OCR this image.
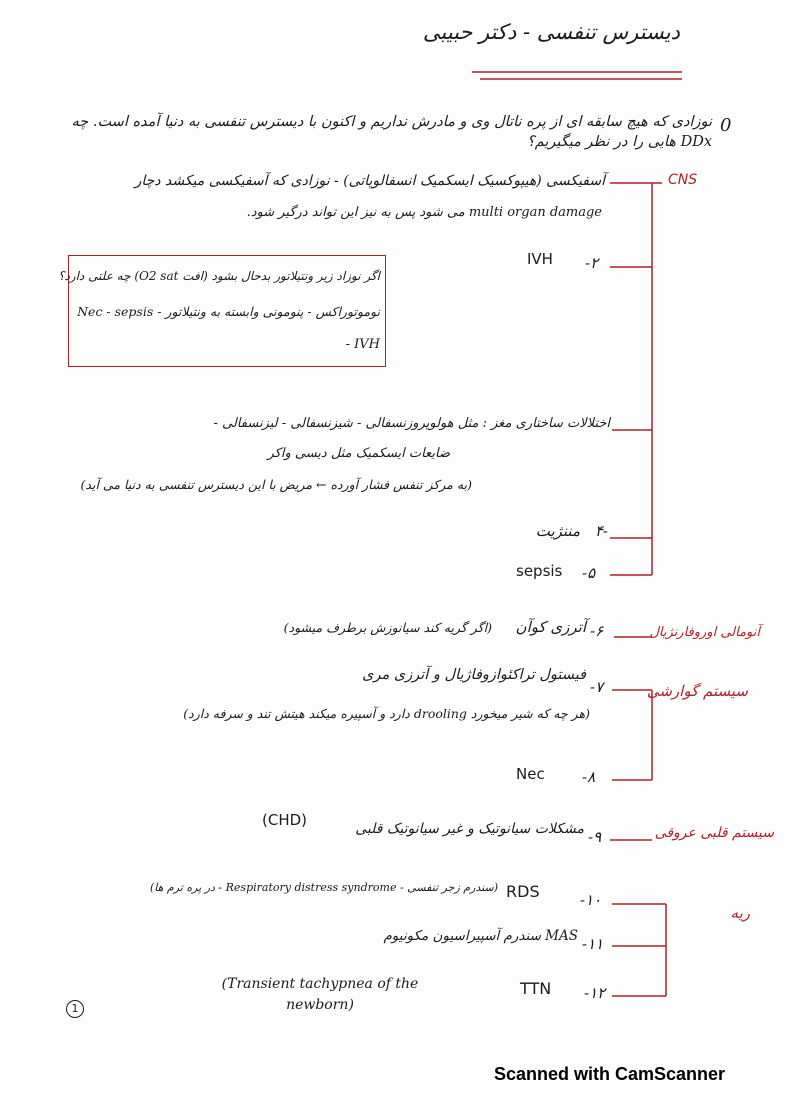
دیسترس تنفسی - دکتر حبیبی
0
نوزادی که هیچ سابقه ای از پره ناتال وی و مادرش نداریم و اکنون با دیسترس تنفسی به دنیا آمده است. چه DDx هایی را در نظر میگیریم؟
آسفیکسی (هیپوکسیک ایسکمیک انسفالوپاتی) - نوزادی که آسفیکسی میکشد دچار
multi organ damage می شود پس به نیز این تواند درگیر شود.
-۲
IVH
اگر نوزاد زیر ونتیلاتور بدحال بشود (افت O2 sat) چه علتی دارد؟
نوموتوراکس - پنومونی وابسته به ونتیلاتور - Nec - sepsis
IVH -
اختلالات ساختاری مغز : مثل هولوپروزنسفالی - شیزنسفالی - لیزنسفالی -
ضایعات ایسکمیک مثل دیسی واکر
(به مرکز تنفس فشار آورده ← مریض با این دیسترس تنفسی به دنیا می آید)
-۴
مننژیت
-۵
sepsis
-۶
آترزی کوآن
(اگر گریه کند سیانوزش برطرف میشود)
-۷
فیستول تراکئوازوفاژیال و آترزی مری
(هر چه که شیر میخورد drooling دارد و آسپیره میکند هیتش تند و سرفه دارد)
-۸
Nec
-۹
مشکلات سیانوتیک و غیر سیانوتیک قلبی
(CHD)
-۱۰
RDS
(سندرم زجر تنفسی - Respiratory distress syndrome - در پره ترم ها)
-۱۱
MAS سندرم آسپیراسیون مکونیوم
-۱۲
TTN
(Transient tachypnea of the newborn)
CNS
آنومالی اوروفارنژیال
سیستم گوارشی
سیستم قلبی عروقی
ریه
1
Scanned with CamScanner
